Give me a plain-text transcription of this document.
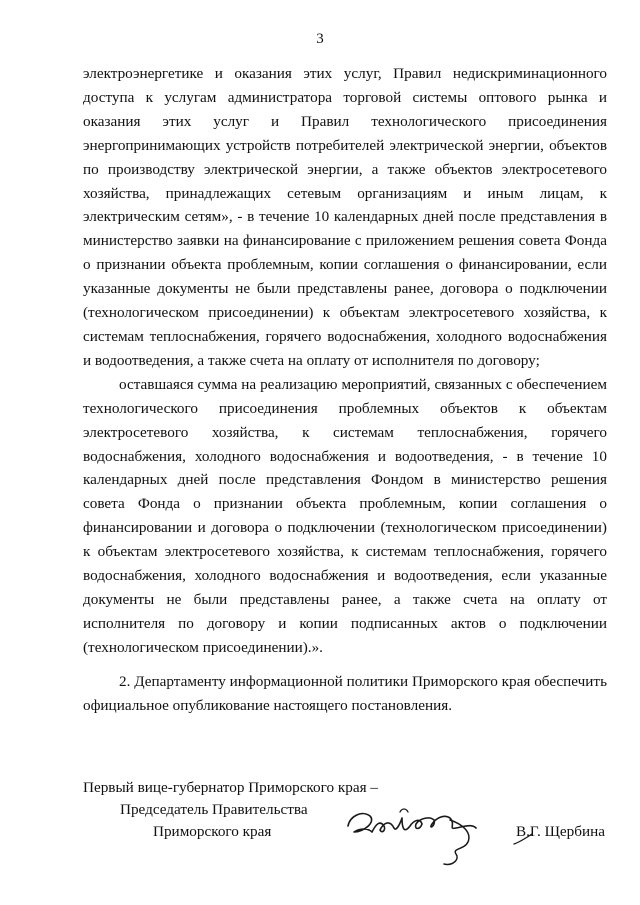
3

электроэнергетике и оказания этих услуг, Правил недискриминационного доступа к услугам администратора торговой системы оптового рынка и оказания этих услуг и Правил технологического присоединения энергопринимающих устройств потребителей электрической энергии, объектов по производству электрической энергии, а также объектов электросетевого хозяйства, принадлежащих сетевым организациям и иным лицам, к электрическим сетям», - в течение 10 календарных дней после представления в министерство заявки на финансирование с приложением решения совета Фонда о признании объекта проблемным, копии соглашения о финансировании, если указанные документы не были представлены ранее, договора о подключении (технологическом присоединении) к объектам электросетевого хозяйства, к системам теплоснабжения, горячего водоснабжения, холодного водоснабжения и водоотведения, а также счета на оплату от исполнителя по договору;

оставшаяся сумма на реализацию мероприятий, связанных с обеспечением технологического присоединения проблемных объектов к объектам электросетевого хозяйства, к системам теплоснабжения, горячего водоснабжения, холодного водоснабжения и водоотведения, - в течение 10 календарных дней после представления Фондом в министерство решения совета Фонда о признании объекта проблемным, копии соглашения о финансировании и договора о подключении (технологическом присоединении) к объектам электросетевого хозяйства, к системам теплоснабжения, горячего водоснабжения, холодного водоснабжения и водоотведения, если указанные документы не были представлены ранее, а также счета на оплату от исполнителя по договору и копии подписанных актов о подключении (технологическом присоединении).».

2. Департаменту информационной политики Приморского края обеспечить официальное опубликование настоящего постановления.

Первый вице-губернатор Приморского края –
Председатель Правительства
Приморского края	В.Г. Щербина
